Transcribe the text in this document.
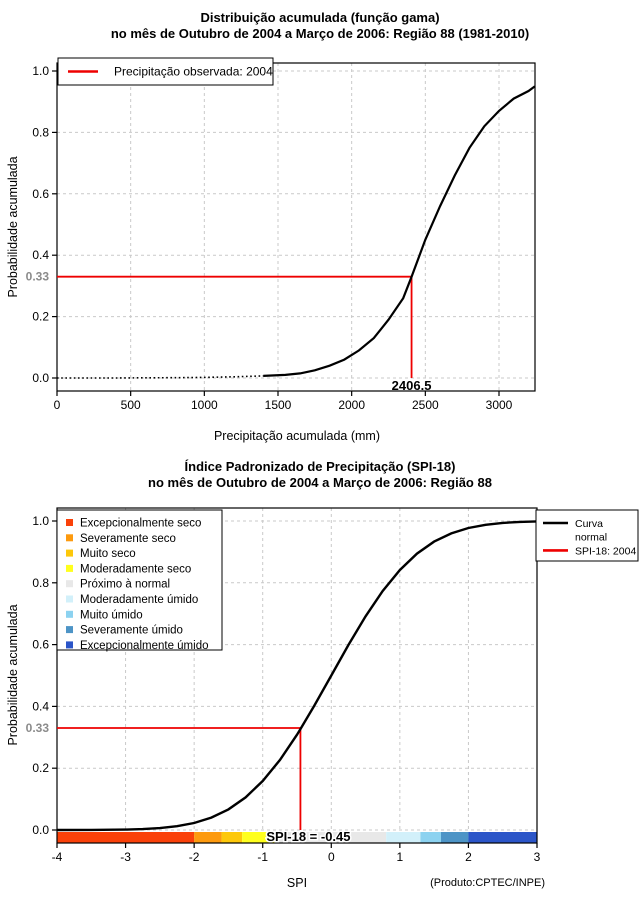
0	500	1000	1500	2000	2500	3000
0.0
0.2
0.4
0.6
0.8
1.0
0.33
2406.5
Precipitação observada: 2004
-4	-3	-2	-1	0	1	2	3
0.0
0.2
0.4
0.6
0.8
1.0
0.33
SPI-18 = -0.45
Excepcionalmente seco
Severamente seco
Muito seco
Moderadamente seco
Próximo à normal
Moderadamente úmido
Muito úmido
Severamente úmido
Excepcionalmente úmido
Curva
normal
SPI-18: 2004
Distribuição acumulada (função gama)
no mês de Outubro de 2004 a Março de 2006: Região 88 (1981-2010)
Probabilidade acumulada
Precipitação acumulada (mm)
Índice Padronizado de Precipitação (SPI-18)
no mês de Outubro de 2004 a Março de 2006: Região 88
Probabilidade acumulada
SPI	(Produto:CPTEC/INPE)
